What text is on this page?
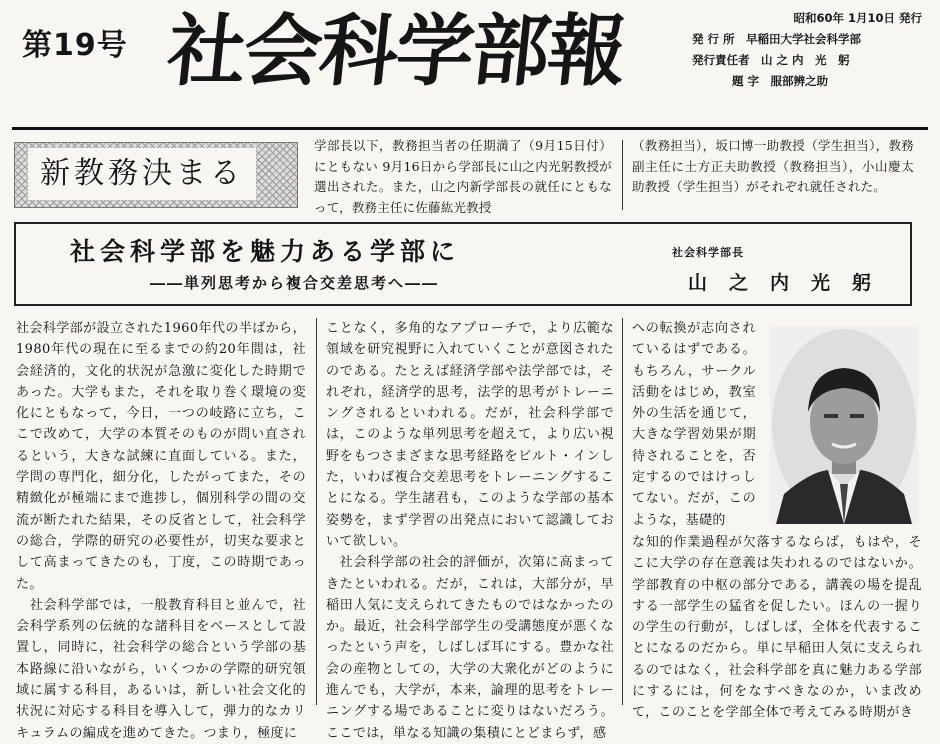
第19号 社会科学部報	昭和60年 1月10日 発行
発 行 所　早稲田大学社会科学部
発行責任者　山 之 内　光　躬
題 字　服部辨之助
新教務決まる
学部長以下，教務担当者の任期満了（9月15日付）にともない 9月16日から学部長に山之内光躬教授が選出された。また，山之内新学部長の就任にともなって，教務主任に佐藤紘光教授
（教務担当），坂口博一助教授（学生担当），教務副主任に土方正夫助教授（教務担当），小山慶太助教授（学生担当）がそれぞれ就任された。
社会科学部を魅力ある学部に
――単列思考から複合交差思考へ――
社会科学部長
山之内光躬
社会科学部が設立された1960年代の半ばから，1980年代の現在に至るまでの約20年間は，社会経済的，文化的状況が急激に変化した時期であった。大学もまた，それを取り巻く環境の変化にともなって，今日，一つの岐路に立ち，ここで改めて，大学の本質そのものが問い直されるという，大きな試練に直面している。また，学問の専門化，細分化，したがってまた，その精緻化が極端にまで進捗し，個別科学の間の交流が断たれた結果，その反省として，社会科学の総合，学際的研究の必要性が，切実な要求として高まってきたのも，丁度，この時期であった。
　社会科学部では，一般教育科目と並んで，社会科学系列の伝統的な諸科目をベースとして設置し，同時に，社会科学の総合という学部の基本路線に沿いながら，いくつかの学際的研究領域に属する科目，あるいは，新しい社会文化的状況に対応する科目を導入して，弾力的なカリキュラムの編成を進めてきた。つまり，極度に
ことなく，多角的なアプローチで，より広範な領域を研究視野に入れていくことが意図されたのである。たとえば経済学部や法学部では，それぞれ，経済学的思考，法学的思考がトレーニングされるといわれる。だが，社会科学部では，このような単列思考を超えて，より広い視野をもつさまざまな思考経路をビルト・インした，いわば複合交差思考をトレーニングすることになる。学生諸君も，このような学部の基本姿勢を，まず学習の出発点において認識しておいて欲しい。
　社会科学部の社会的評価が，次第に高まってきたといわれる。だが，これは，大部分が，早稲田人気に支えられてきたものではなかったのか。最近，社会科学部学生の受講態度が悪くなったという声を，しばしば耳にする。豊かな社会の産物としての，大学の大衆化がどのように進んでも，大学が，本来，論理的思考をトレーニングする場であることに変りはないだろう。ここでは，単なる知識の集積にとどまらず，感
への転換が志向されているはずである。もちろん，サークル活動をはじめ，教室外の生活を通じて，大きな学習効果が期待されることを，否定するのではけっしてない。だが，このような，基礎的
な知的作業過程が欠落するならば，もはや，そこに大学の存在意義は失われるのではないか。学部教育の中枢の部分である，講義の場を提乱する一部学生の猛省を促したい。ほんの一握りの学生の行動が，しばしば，全体を代表することになるのだから。単に早稲田人気に支えられるのではなく，社会科学部を真に魅力ある学部にするには，何をなすべきなのか，いま改めて，このことを学部全体で考えてみる時期がき
